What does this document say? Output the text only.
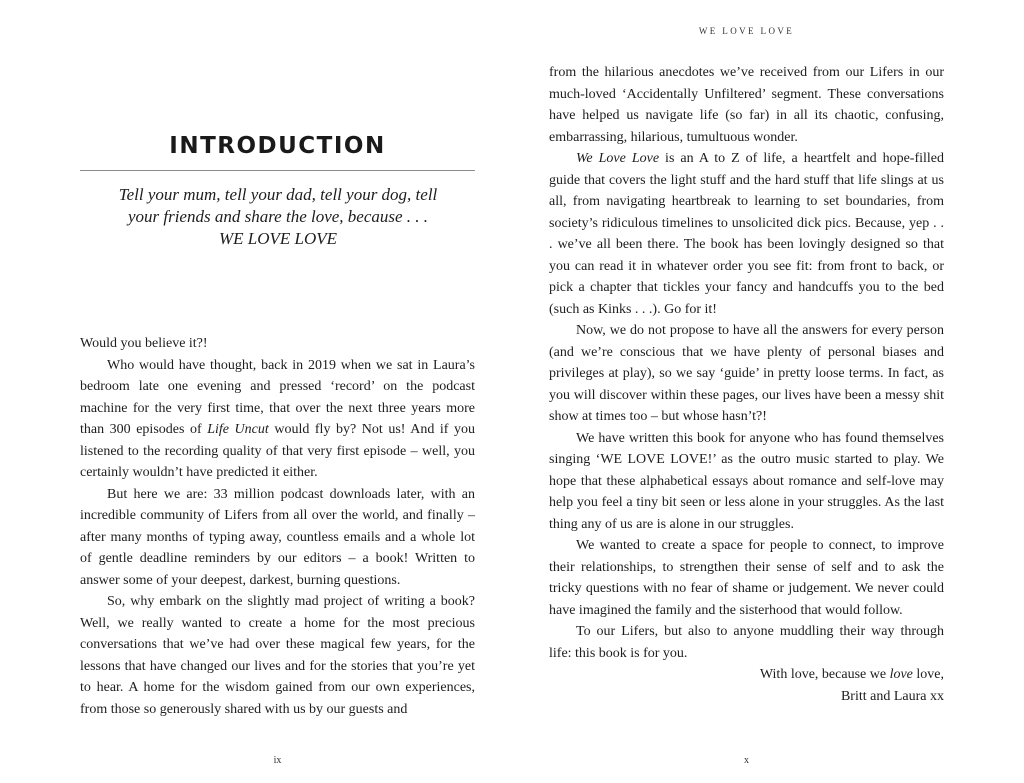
INTRODUCTION
Tell your mum, tell your dad, tell your dog, tell
your friends and share the love, because . . .
WE LOVE LOVE

Would you believe it?!

Who would have thought, back in 2019 when we sat in Laura’s bedroom late one evening and pressed ‘record’ on the podcast machine for the very first time, that over the next three years more than 300 episodes of Life Uncut would fly by? Not us! And if you listened to the recording quality of that very first episode – well, you certainly wouldn’t have predicted it either.

But here we are: 33 million podcast downloads later, with an incredible community of Lifers from all over the world, and finally – after many months of typing away, countless emails and a whole lot of gentle deadline reminders by our editors – a book! Written to answer some of your deepest, darkest, burning questions.

So, why embark on the slightly mad project of writing a book? Well, we really wanted to create a home for the most precious conversations that we’ve had over these magical few years, for the lessons that have changed our lives and for the stories that you’re yet to hear. A home for the wisdom gained from our own experiences, from those so generously shared with us by our guests and

ix
WE LOVE LOVE

from the hilarious anecdotes we’ve received from our Lifers in our much-loved ‘Accidentally Unfiltered’ segment. These conversations have helped us navigate life (so far) in all its chaotic, confusing, embarrassing, hilarious, tumultuous wonder.

We Love Love is an A to Z of life, a heartfelt and hope-filled guide that covers the light stuff and the hard stuff that life slings at us all, from navigating heartbreak to learning to set boundaries, from society’s ridiculous timelines to unsolicited dick pics. Because, yep . . . we’ve all been there. The book has been lovingly designed so that you can read it in whatever order you see fit: from front to back, or pick a chapter that tickles your fancy and handcuffs you to the bed (such as Kinks . . .). Go for it!

Now, we do not propose to have all the answers for every person (and we’re conscious that we have plenty of personal biases and privileges at play), so we say ‘guide’ in pretty loose terms. In fact, as you will discover within these pages, our lives have been a messy shit show at times too – but whose hasn’t?!

We have written this book for anyone who has found themselves singing ‘WE LOVE LOVE!’ as the outro music started to play. We hope that these alphabetical essays about romance and self-love may help you feel a tiny bit seen or less alone in your struggles. As the last thing any of us are is alone in our struggles.

We wanted to create a space for people to connect, to improve their relationships, to strengthen their sense of self and to ask the tricky questions with no fear of shame or judgement. We never could have imagined the family and the sisterhood that would follow.

To our Lifers, but also to anyone muddling their way through life: this book is for you.

With love, because we love love,

Britt and Laura xx

x
